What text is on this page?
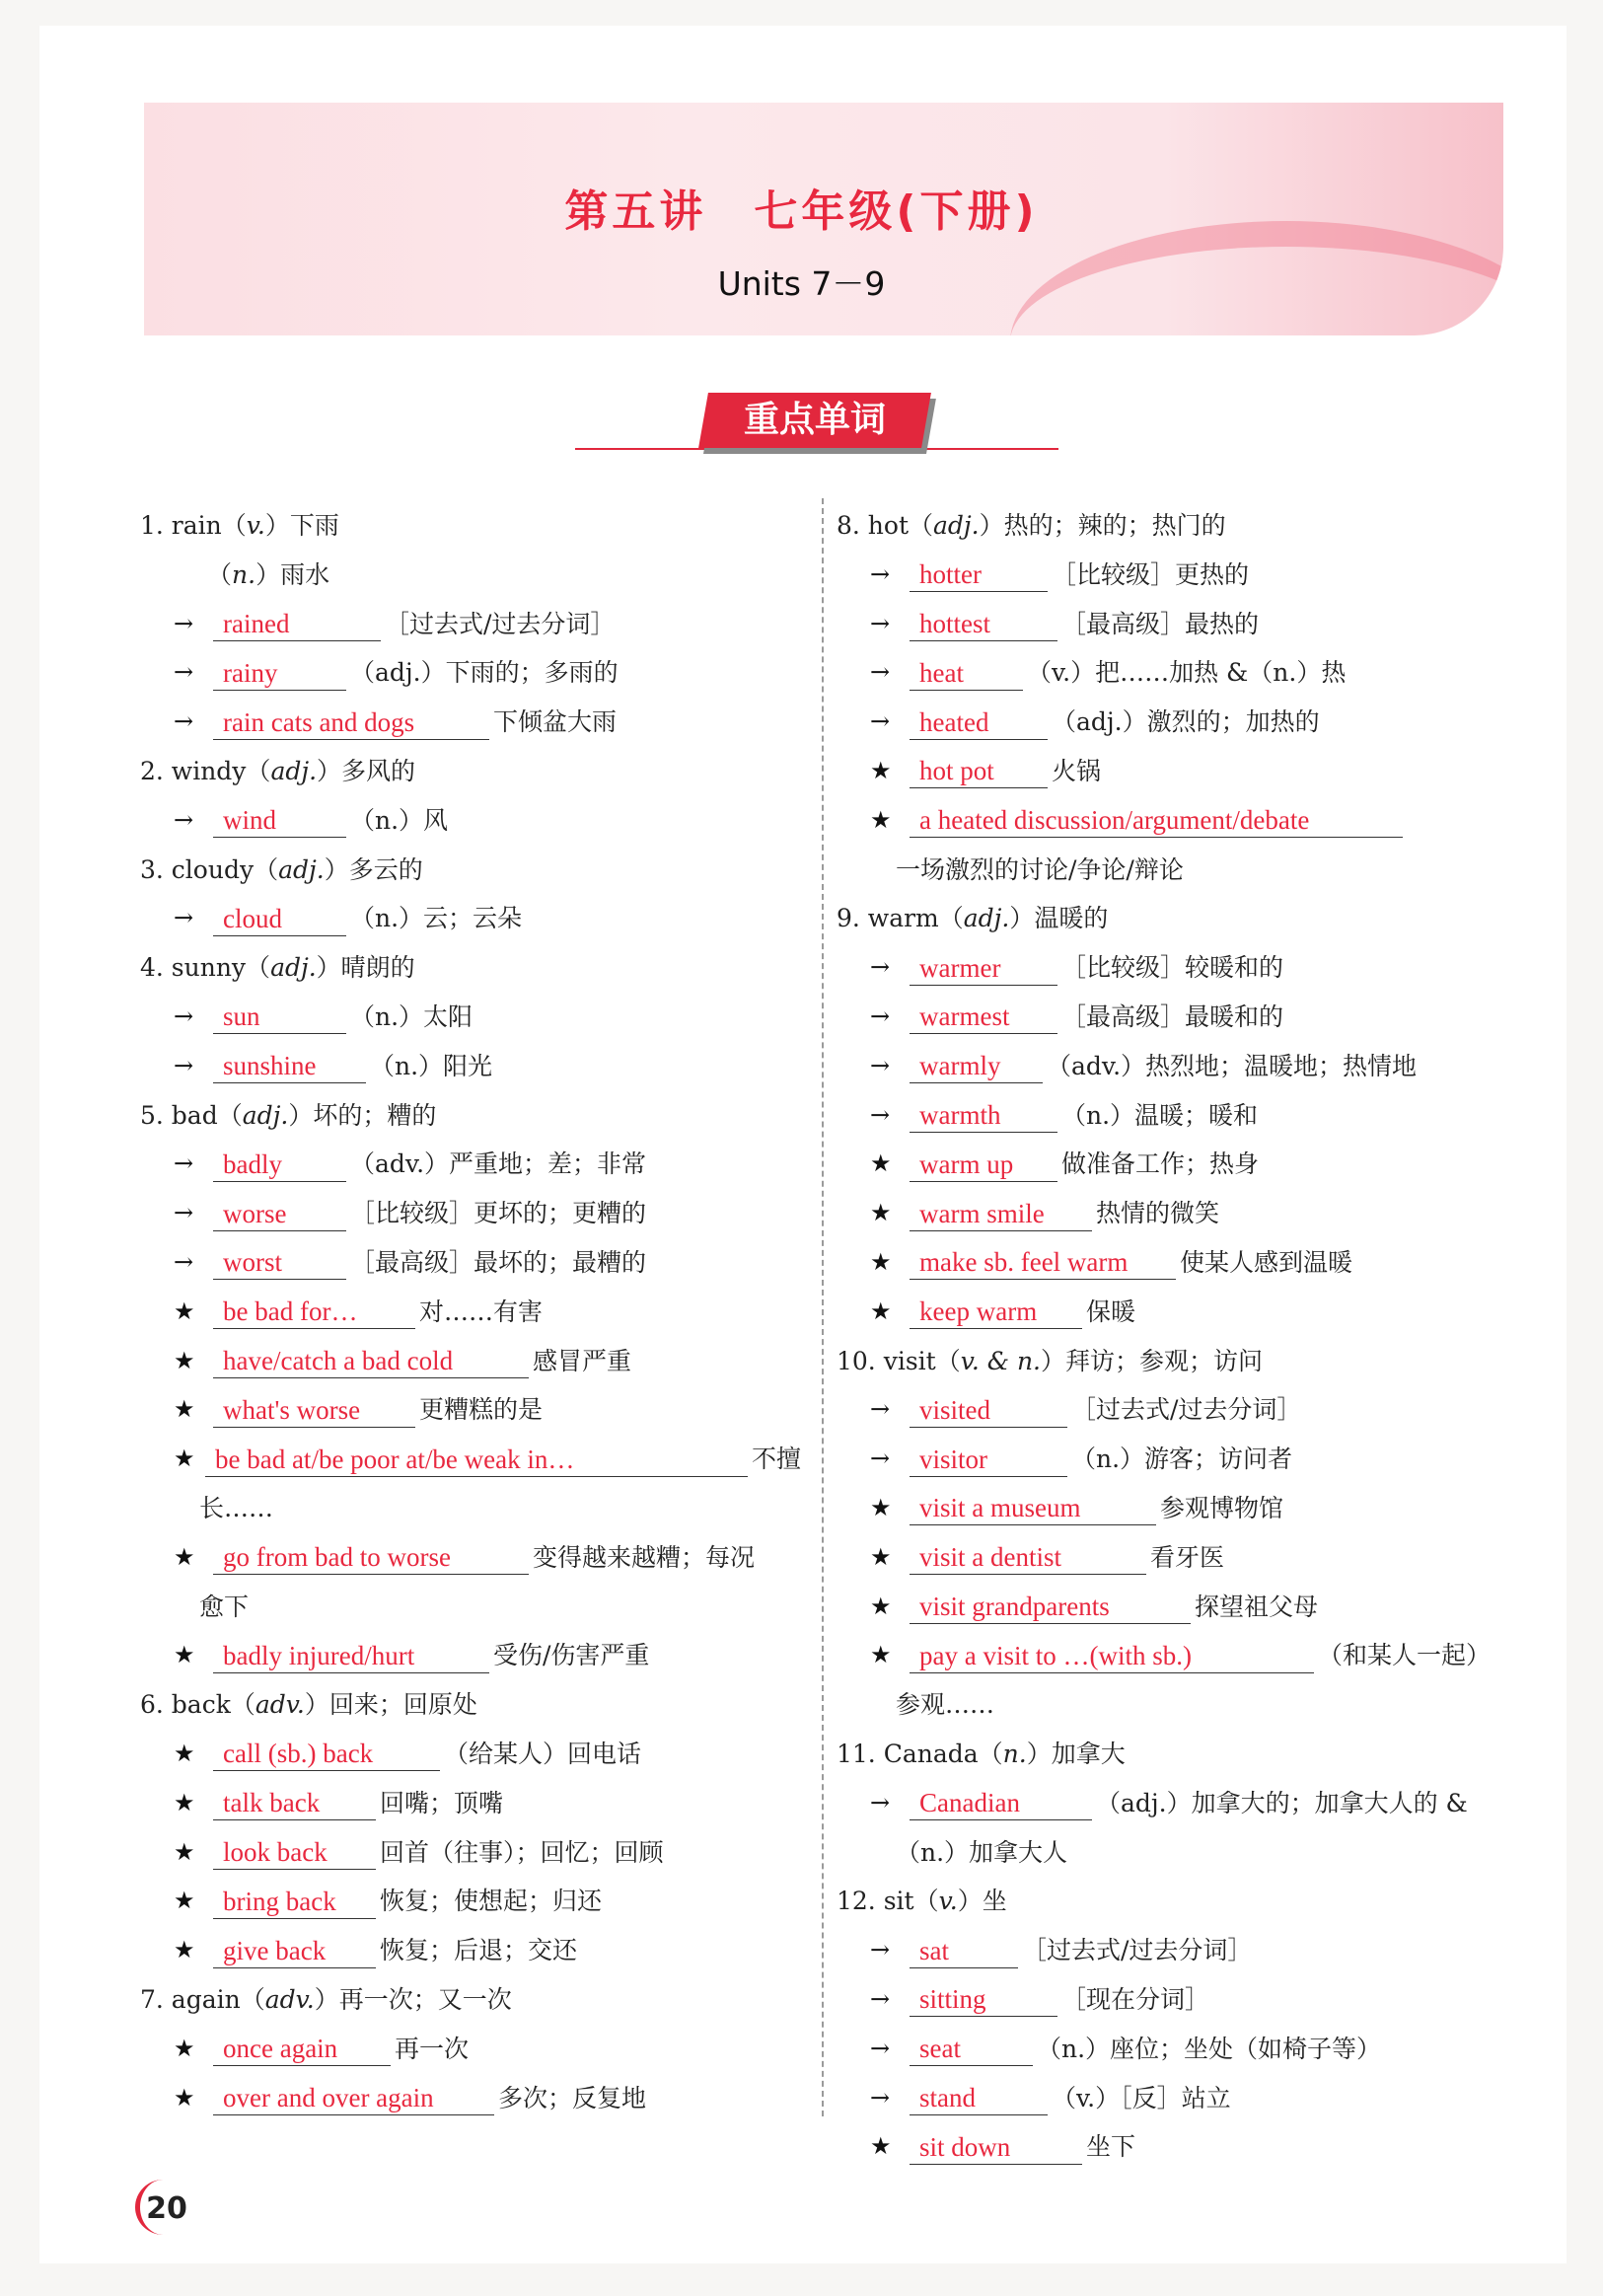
第五讲　七年级(下册)
Units 7－9
重点单词
1. rain（ v. ）下雨
（ n. ）雨水
→	rained	［过去式/过去分词］
→	rainy	（adj.）下雨的；多雨的
→	rain cats and dogs	下倾盆大雨
2. windy（ adj. ）多风的
→	wind	（n.）风
3. cloudy（ adj. ）多云的
→	cloud	（n.）云；云朵
4. sunny（ adj. ）晴朗的
→	sun	（n.）太阳
→	sunshine	（n.）阳光
5. bad（ adj. ）坏的；糟的
→	badly	（adv.）严重地；差；非常
→	worse	［比较级］更坏的；更糟的
→	worst	［最高级］最坏的；最糟的
★	be bad for…	对……有害
★	have/catch a bad cold	感冒严重
★	what's worse	更糟糕的是
★ be bad at/be poor at/be weak in…	不擅
长……
★	go from bad to worse	变得越来越糟；每况
愈下
★	badly injured/hurt	受伤/伤害严重
6. back（ adv. ）回来；回原处
★	call (sb.) back	（给某人）回电话
★	talk back	回嘴；顶嘴
★	look back	回首（往事）；回忆；回顾
★	bring back	恢复；使想起；归还
★	give back	恢复；后退；交还
7. again（ adv. ）再一次；又一次
★	once again	再一次
★	over and over again	多次；反复地
8. hot（ adj. ）热的；辣的；热门的
→	hotter	［比较级］更热的
→	hottest	［最高级］最热的
→	heat	（v.）把……加热 &（n.）热
→	heated	（adj.）激烈的；加热的
★	hot pot	火锅
★	a heated discussion/argument/debate
一场激烈的讨论/争论/辩论
9. warm（ adj. ）温暖的
→	warmer	［比较级］较暖和的
→	warmest	［最高级］最暖和的
→	warmly	（adv.）热烈地；温暖地；热情地
→	warmth	（n.）温暖；暖和
★	warm up	做准备工作；热身
★	warm smile	热情的微笑
★	make sb. feel warm	使某人感到温暖
★	keep warm	保暖
10. visit（ v. & n. ）拜访；参观；访问
→	visited	［过去式/过去分词］
→	visitor	（n.）游客；访问者
★	visit a museum	参观博物馆
★	visit a dentist	看牙医
★	visit grandparents	探望祖父母
★	pay a visit to …(with sb.)	（和某人一起）
参观……
11. Canada（ n. ）加拿大
→	Canadian	（adj.）加拿大的；加拿大人的 &
（n.）加拿大人
12. sit（ v. ）坐
→	sat	［过去式/过去分词］
→	sitting	［现在分词］
→	seat	（n.）座位；坐处（如椅子等）
→	stand	（v.）［反］站立
★	sit down	坐下
20
